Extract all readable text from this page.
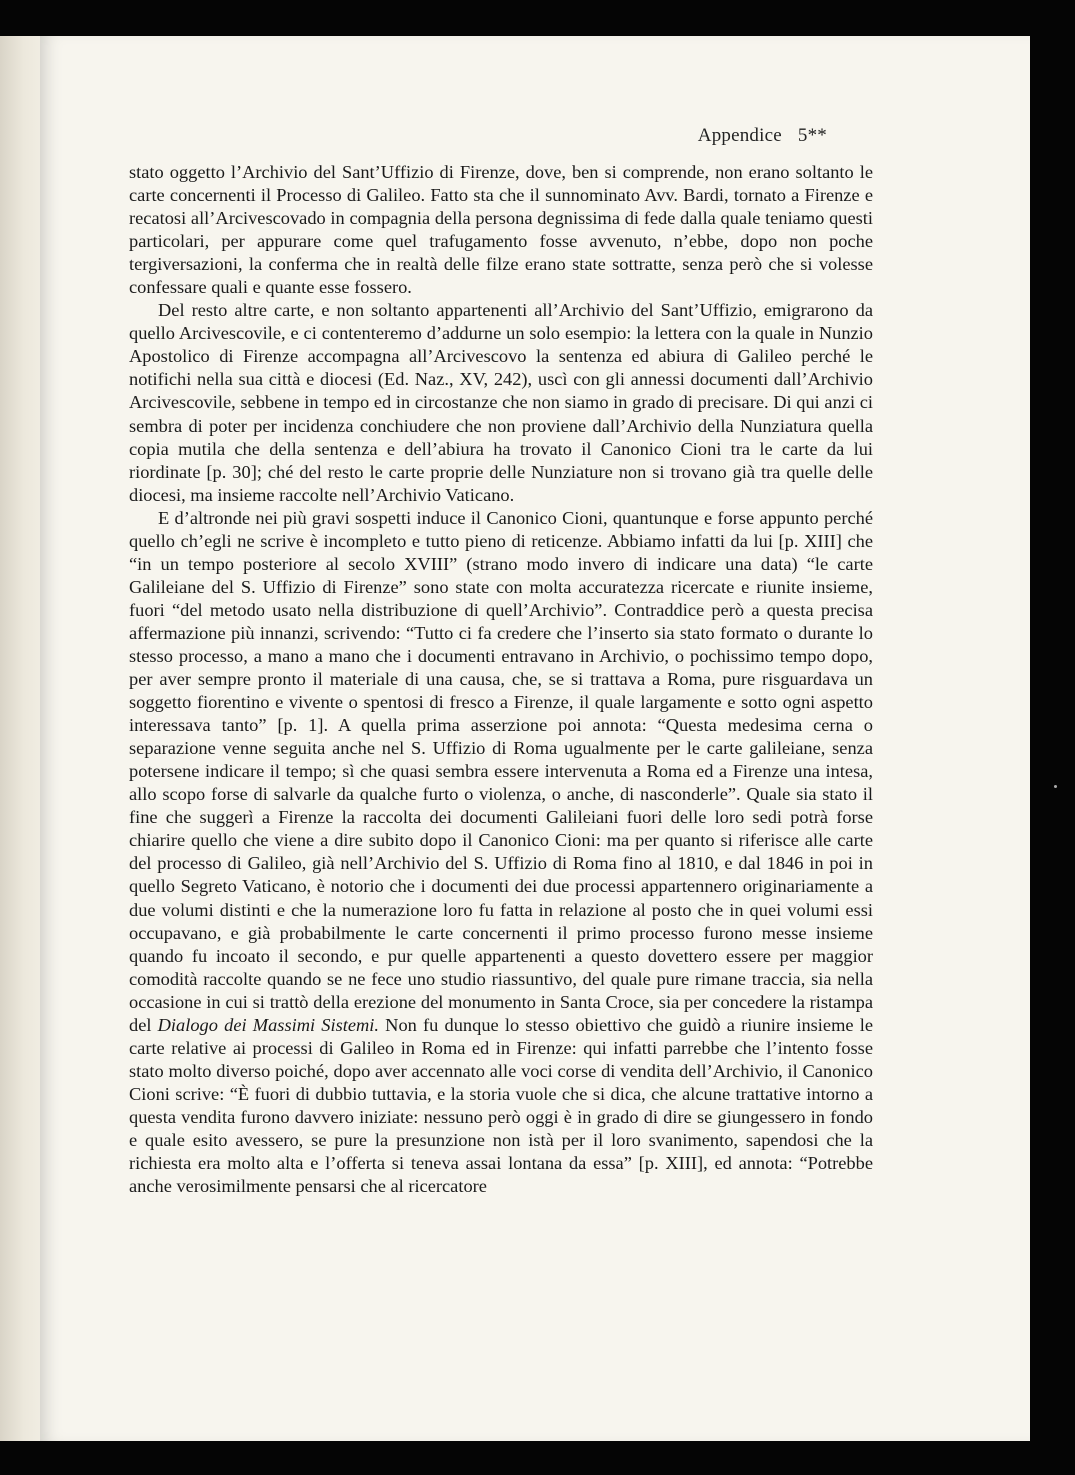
Appendice 5**

stato oggetto l’Archivio del Sant’Uffizio di Firenze, dove, ben si comprende, non erano soltanto le carte concernenti il Processo di Galileo. Fatto sta che il sunnominato Avv. Bardi, tornato a Firenze e recatosi all’Arcivescovado in compagnia della persona degnissima di fede dalla quale teniamo questi particolari, per appurare come quel trafugamento fosse avvenuto, n’ebbe, dopo non poche tergiversazioni, la conferma che in realtà delle filze erano state sottratte, senza però che si volesse confessare quali e quante esse fossero.

Del resto altre carte, e non soltanto appartenenti all’Archivio del Sant’Uffizio, emigrarono da quello Arcivescovile, e ci contenteremo d’addurne un solo esempio: la lettera con la quale in Nunzio Apostolico di Firenze accompagna all’Arcivescovo la sentenza ed abiura di Galileo perché le notifichi nella sua città e diocesi (Ed. Naz., XV, 242), uscì con gli annessi documenti dall’Archivio Arcivescovile, sebbene in tempo ed in circostanze che non siamo in grado di precisare. Di qui anzi ci sembra di poter per incidenza conchiudere che non proviene dall’Archivio della Nunziatura quella copia mutila che della sentenza e dell’abiura ha trovato il Canonico Cioni tra le carte da lui riordinate [p. 30]; ché del resto le carte proprie delle Nunziature non si trovano già tra quelle delle diocesi, ma insieme raccolte nell’Archivio Vaticano.

E d’altronde nei più gravi sospetti induce il Canonico Cioni, quantunque e forse appunto perché quello ch’egli ne scrive è incompleto e tutto pieno di reticenze. Abbiamo infatti da lui [p. XIII] che “in un tempo posteriore al secolo XVIII” (strano modo invero di indicare una data) “le carte Galileiane del S. Uffizio di Firenze” sono state con molta accuratezza ricercate e riunite insieme, fuori “del metodo usato nella distribuzione di quell’Archivio”. Contraddice però a questa precisa affermazione più innanzi, scrivendo: “Tutto ci fa credere che l’inserto sia stato formato o durante lo stesso processo, a mano a mano che i documenti entravano in Archivio, o pochissimo tempo dopo, per aver sempre pronto il materiale di una causa, che, se si trattava a Roma, pure risguardava un soggetto fiorentino e vivente o spentosi di fresco a Firenze, il quale largamente e sotto ogni aspetto interessava tanto” [p. 1]. A quella prima asserzione poi annota: “Questa medesima cerna o separazione venne seguita anche nel S. Uffizio di Roma ugualmente per le carte galileiane, senza potersene indicare il tempo; sì che quasi sembra essere intervenuta a Roma ed a Firenze una intesa, allo scopo forse di salvarle da qualche furto o violenza, o anche, di nasconderle”. Quale sia stato il fine che suggerì a Firenze la raccolta dei documenti Galileiani fuori delle loro sedi potrà forse chiarire quello che viene a dire subito dopo il Canonico Cioni: ma per quanto si riferisce alle carte del processo di Galileo, già nell’Archivio del S. Uffizio di Roma fino al 1810, e dal 1846 in poi in quello Segreto Vaticano, è notorio che i documenti dei due processi appartennero originariamente a due volumi distinti e che la numerazione loro fu fatta in relazione al posto che in quei volumi essi occupavano, e già probabilmente le carte concernenti il primo processo furono messe insieme quando fu incoato il secondo, e pur quelle appartenenti a questo dovettero essere per maggior comodità raccolte quando se ne fece uno studio riassuntivo, del quale pure rimane traccia, sia nella occasione in cui si trattò della erezione del monumento in Santa Croce, sia per concedere la ristampa del Dialogo dei Massimi Sistemi. Non fu dunque lo stesso obiettivo che guidò a riunire insieme le carte relative ai processi di Galileo in Roma ed in Firenze: qui infatti parrebbe che l’intento fosse stato molto diverso poiché, dopo aver accennato alle voci corse di vendita dell’Archivio, il Canonico Cioni scrive: “È fuori di dubbio tuttavia, e la storia vuole che si dica, che alcune trattative intorno a questa vendita furono davvero iniziate: nessuno però oggi è in grado di dire se giungessero in fondo e quale esito avessero, se pure la presunzione non istà per il loro svanimento, sapendosi che la richiesta era molto alta e l’offerta si teneva assai lontana da essa” [p. XIII], ed annota: “Potrebbe anche verosimilmente pensarsi che al ricercatore
